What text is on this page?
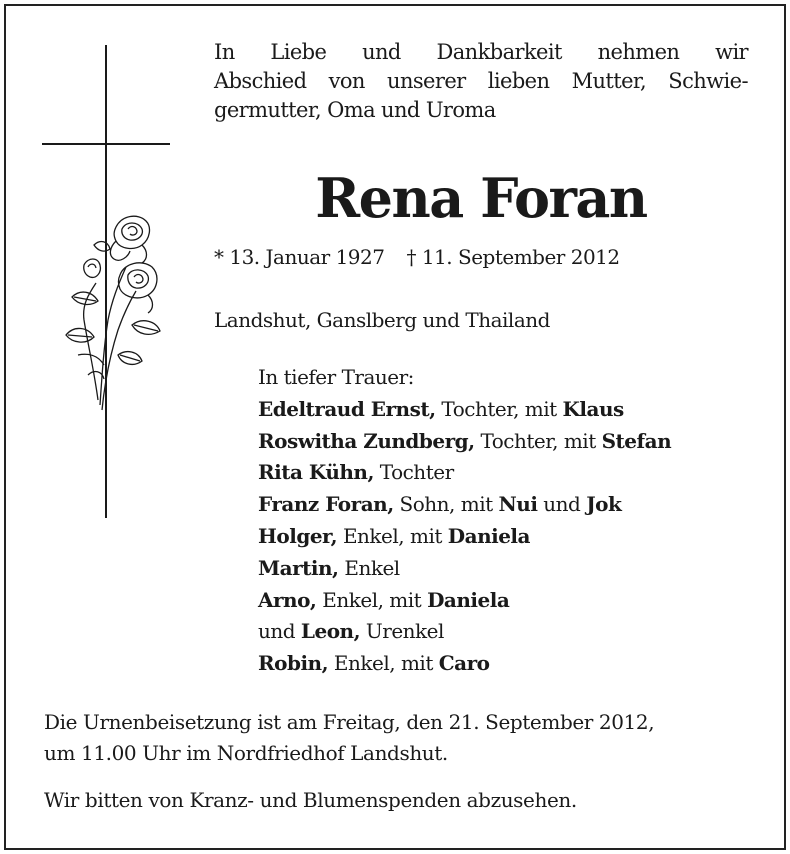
In Liebe und Dankbarkeit nehmen wir
Abschied von unserer lieben Mutter, Schwie-
germutter, Oma und Uroma
Rena Foran
* 13. Januar 1927 † 11. September 2012
Landshut, Ganslberg und Thailand
In tiefer Trauer:
Edeltraud Ernst, Tochter, mit Klaus
Roswitha Zundberg, Tochter, mit Stefan
Rita Kühn, Tochter
Franz Foran, Sohn, mit Nui und Jok
Holger, Enkel, mit Daniela
Martin, Enkel
Arno, Enkel, mit Daniela
und Leon, Urenkel
Robin, Enkel, mit Caro

Die Urnenbeisetzung ist am Freitag, den 21. September 2012,

um 11.00 Uhr im Nordfriedhof Landshut.

Wir bitten von Kranz- und Blumenspenden abzusehen.
